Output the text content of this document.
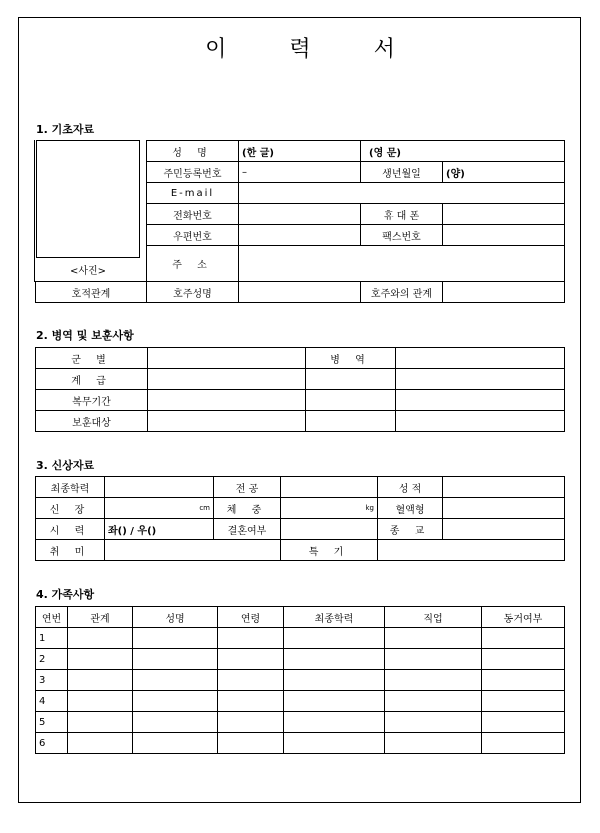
이 력 서
1. 기초자료
<사진>
성 명	(한 글)	(영 문)	
주민등록번호	–	생년월일	(양)
E-mail			
전화번호		휴 대 폰	
우편번호		팩스번호	
주 소			
호적관계	호주성명		호주와의 관계	
2. 병역 및 보훈사항
군 별		병 역	
계 급			
복무기간			
보훈대상			
3. 신상자료
최종학력		전 공		성 적	
신 장	cm	체 중	kg	혈액형	
시 력	좌() / 우()	결혼여부		종 교	
취 미			특 기		
4. 가족사항
연번	관계	성명	연령	최종학력	직업	동거여부
1						
2						
3						
4						
5						
6						
